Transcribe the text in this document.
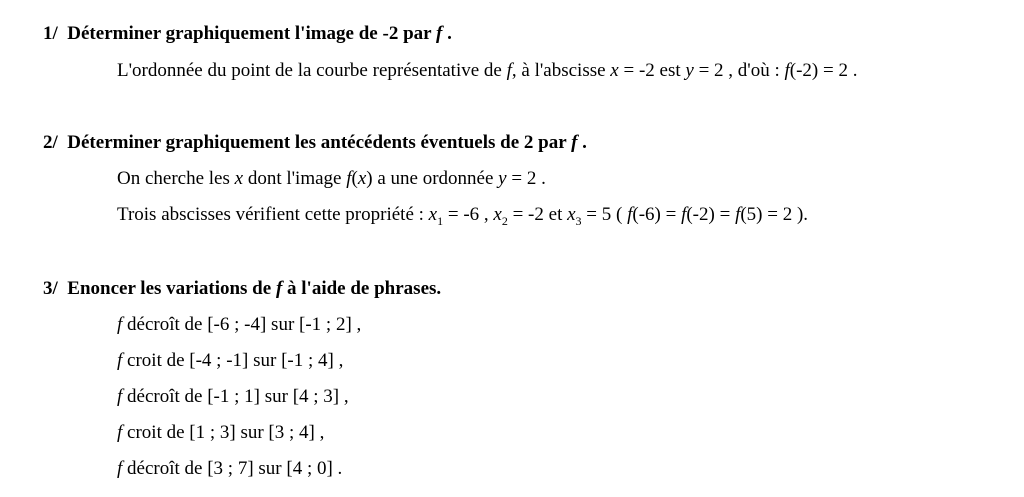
1/ Déterminer graphiquement l'image de -2 par f .
L'ordonnée du point de la courbe représentative de f, à l'abscisse x = -2 est y = 2 , d'où : f(-2) = 2 .
2/ Déterminer graphiquement les antécédents éventuels de 2 par f .
On cherche les x dont l'image f(x) a une ordonnée y = 2 .
Trois abscisses vérifient cette propriété : $x_1 = -6$ , $x_2 = -2$ et $x_3 = 5$ ( f(-6) = f(-2) = f(5) = 2 ).
3/ Enoncer les variations de f à l'aide de phrases.
f décroît de [-6 ; -4] sur [-1 ; 2] ,
f croit de [-4 ; -1] sur [-1 ; 4] ,
f décroît de [-1 ; 1] sur [4 ; 3] ,
f croit de [1 ; 3] sur [3 ; 4] ,
f décroît de [3 ; 7] sur [4 ; 0] .
